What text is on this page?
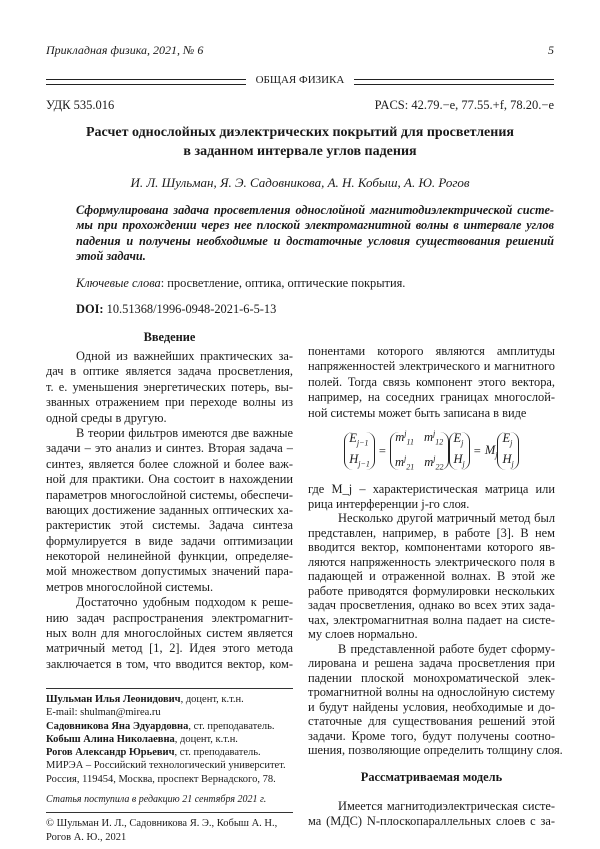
Прикладная физика, 2021, № 6	5
ОБЩАЯ ФИЗИКА
УДК 535.016	PACS: 42.79.−e, 77.55.+f, 78.20.−e
Расчет однослойных диэлектрических покрытий для просветления
в заданном интервале углов падения
И. Л. Шульман, Я. Э. Садовникова, А. Н. Кобыш, А. Ю. Рогов
Сформулирована задача просветления однослойной магнитодиэлектрической систе-
мы при прохождении через нее плоской электромагнитной волны в интервале углов
падения и получены необходимые и достаточные условия существования решений
этой задачи.
Ключевые слова: просветление, оптика, оптические покрытия.
DOI: 10.51368/1996-0948-2021-6-5-13
Введение
Одной из важнейших практических за-
дач в оптике является задача просветления,
т. е. уменьшения энергетических потерь, вы-
званных отражением при переходе волны из
одной среды в другую.
В теории фильтров имеются две важные
задачи – это анализ и синтез. Вторая задача –
синтез, является более сложной и более важ-
ной для практики. Она состоит в нахождении
параметров многослойной системы, обеспечи-
вающих достижение заданных оптических ха-
рактеристик этой системы. Задача синтеза
формулируется в виде задачи оптимизации
некоторой нелинейной функции, определяе-
мой множеством допустимых значений пара-
метров многослойной системы.
Достаточно удобным подходом к реше-
нию задач распространения электромагнит-
ных волн для многослойных систем является
матричный метод [1, 2]. Идея этого метода
заключается в том, что вводится вектор, ком-
Шульман Илья Леонидович, доцент, к.т.н.
E-mail: shulman@mirea.ru
Садовникова Яна Эдуардовна, ст. преподаватель.
Кобыш Алина Николаевна, доцент, к.т.н.
Рогов Александр Юрьевич, ст. преподаватель.
МИРЭА – Российский технологический университет.
Россия, 119454, Москва, проспект Вернадского, 78.
Статья поступила в редакцию 21 сентября 2021 г.
© Шульман И. Л., Садовникова Я. Э., Кобыш А. Н.,
Рогов А. Ю., 2021
понентами которого являются амплитуды
напряженностей электрического и магнитного
полей. Тогда связь компонент этого вектора,
например, на соседних границах многослой-
ной системы может быть записана в виде
Ej−1
Hj−1
=
mj11 mj12
mj21 mj22
Ej
Hj
= Mj
Ej
Hj
где M_j – характеристическая матрица или
рица интерференции j-го слоя.
Несколько другой матричный метод был
представлен, например, в работе [3]. В нем
вводится вектор, компонентами которого яв-
ляются напряженность электрического поля в
падающей и отраженной волнах. В этой же
работе приводятся формулировки нескольких
задач просветления, однако во всех этих зада-
чах, электромагнитная волна падает на систе-
му слоев нормально.
В представленной работе будет сформу-
лирована и решена задача просветления при
падении плоской монохроматической элек-
тромагнитной волны на однослойную систему
и будут найдены условия, необходимые и до-
статочные для существования решений этой
задачи. Кроме того, будут получены соотно-
шения, позволяющие определить толщину слоя.
Рассматриваемая модель
Имеется магнитодиэлектрическая систе-
ма (МДС) N-плоскопараллельных слоев с за-
